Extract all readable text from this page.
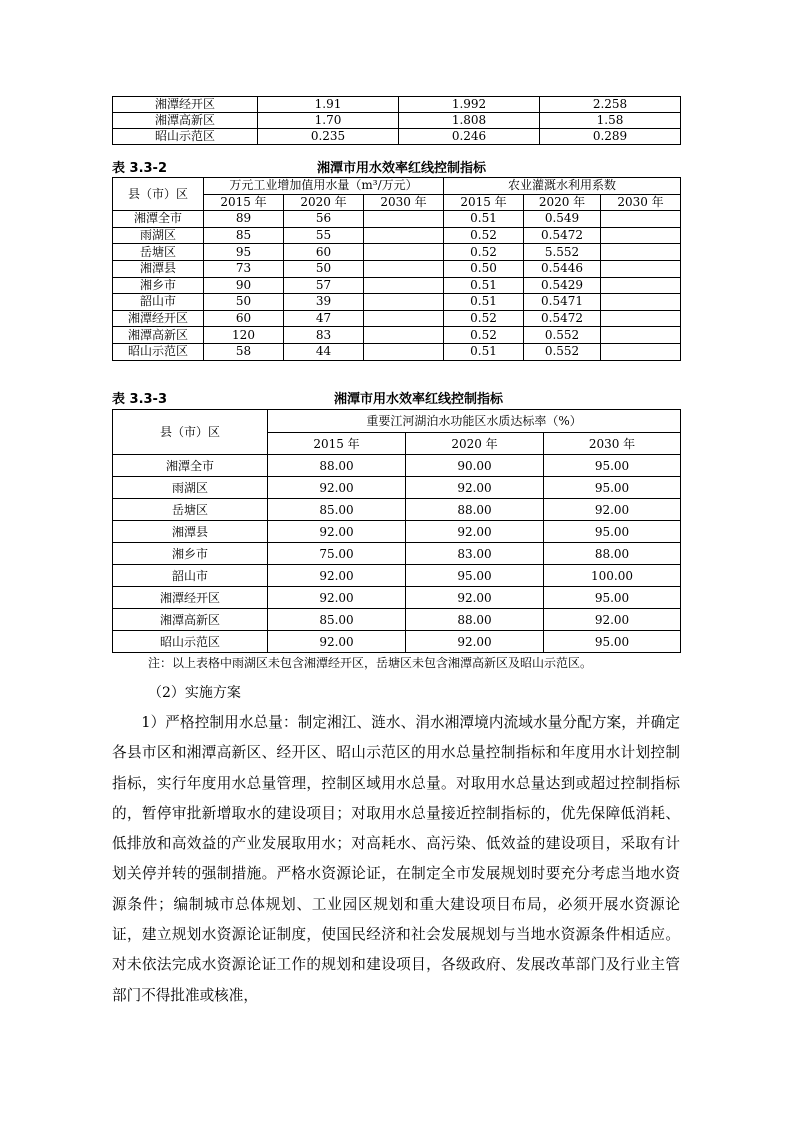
湘潭经开区	1.91	1.992	2.258
湘潭高新区	1.70	1.808	1.58
昭山示范区	0.235	0.246	0.289
表 3.3-2	湘潭市用水效率红线控制指标
县（市）区	万元工业增加值用水量（m³/万元）			农业灌溉水利用系数		
	2015 年	2020 年	2030 年	2015 年	2020 年	2030 年
湘潭全市	89	56		0.51	0.549	
雨湖区	85	55		0.52	0.5472	
岳塘区	95	60		0.52	5.552	
湘潭县	73	50		0.50	0.5446	
湘乡市	90	57		0.51	0.5429	
韶山市	50	39		0.51	0.5471	
湘潭经开区	60	47		0.52	0.5472	
湘潭高新区	120	83		0.52	0.552	
昭山示范区	58	44		0.51	0.552	
表 3.3-3	湘潭市用水效率红线控制指标
县（市）区	重要江河湖泊水功能区水质达标率（%）		
	2015 年	2020 年	2030 年
湘潭全市	88.00	90.00	95.00
雨湖区	92.00	92.00	95.00
岳塘区	85.00	88.00	92.00
湘潭县	92.00	92.00	95.00
湘乡市	75.00	83.00	88.00
韶山市	92.00	95.00	100.00
湘潭经开区	92.00	92.00	95.00
湘潭高新区	85.00	88.00	92.00
昭山示范区	92.00	92.00	95.00
注：以上表格中雨湖区未包含湘潭经开区，岳塘区未包含湘潭高新区及昭山示范区。
（2）实施方案

1）严格控制用水总量：制定湘江、涟水、涓水湘潭境内流域水量分配方案，并确定各县市区和湘潭高新区、经开区、昭山示范区的用水总量控制指标和年度用水计划控制指标，实行年度用水总量管理，控制区域用水总量。对取用水总量达到或超过控制指标的，暂停审批新增取水的建设项目；对取用水总量接近控制指标的，优先保障低消耗、低排放和高效益的产业发展取用水；对高耗水、高污染、低效益的建设项目，采取有计划关停并转的强制措施。严格水资源论证，在制定全市发展规划时要充分考虑当地水资源条件；编制城市总体规划、工业园区规划和重大建设项目布局，必须开展水资源论证，建立规划水资源论证制度，使国民经济和社会发展规划与当地水资源条件相适应。对未依法完成水资源论证工作的规划和建设项目，各级政府、发展改革部门及行业主管部门不得批准或核准，
